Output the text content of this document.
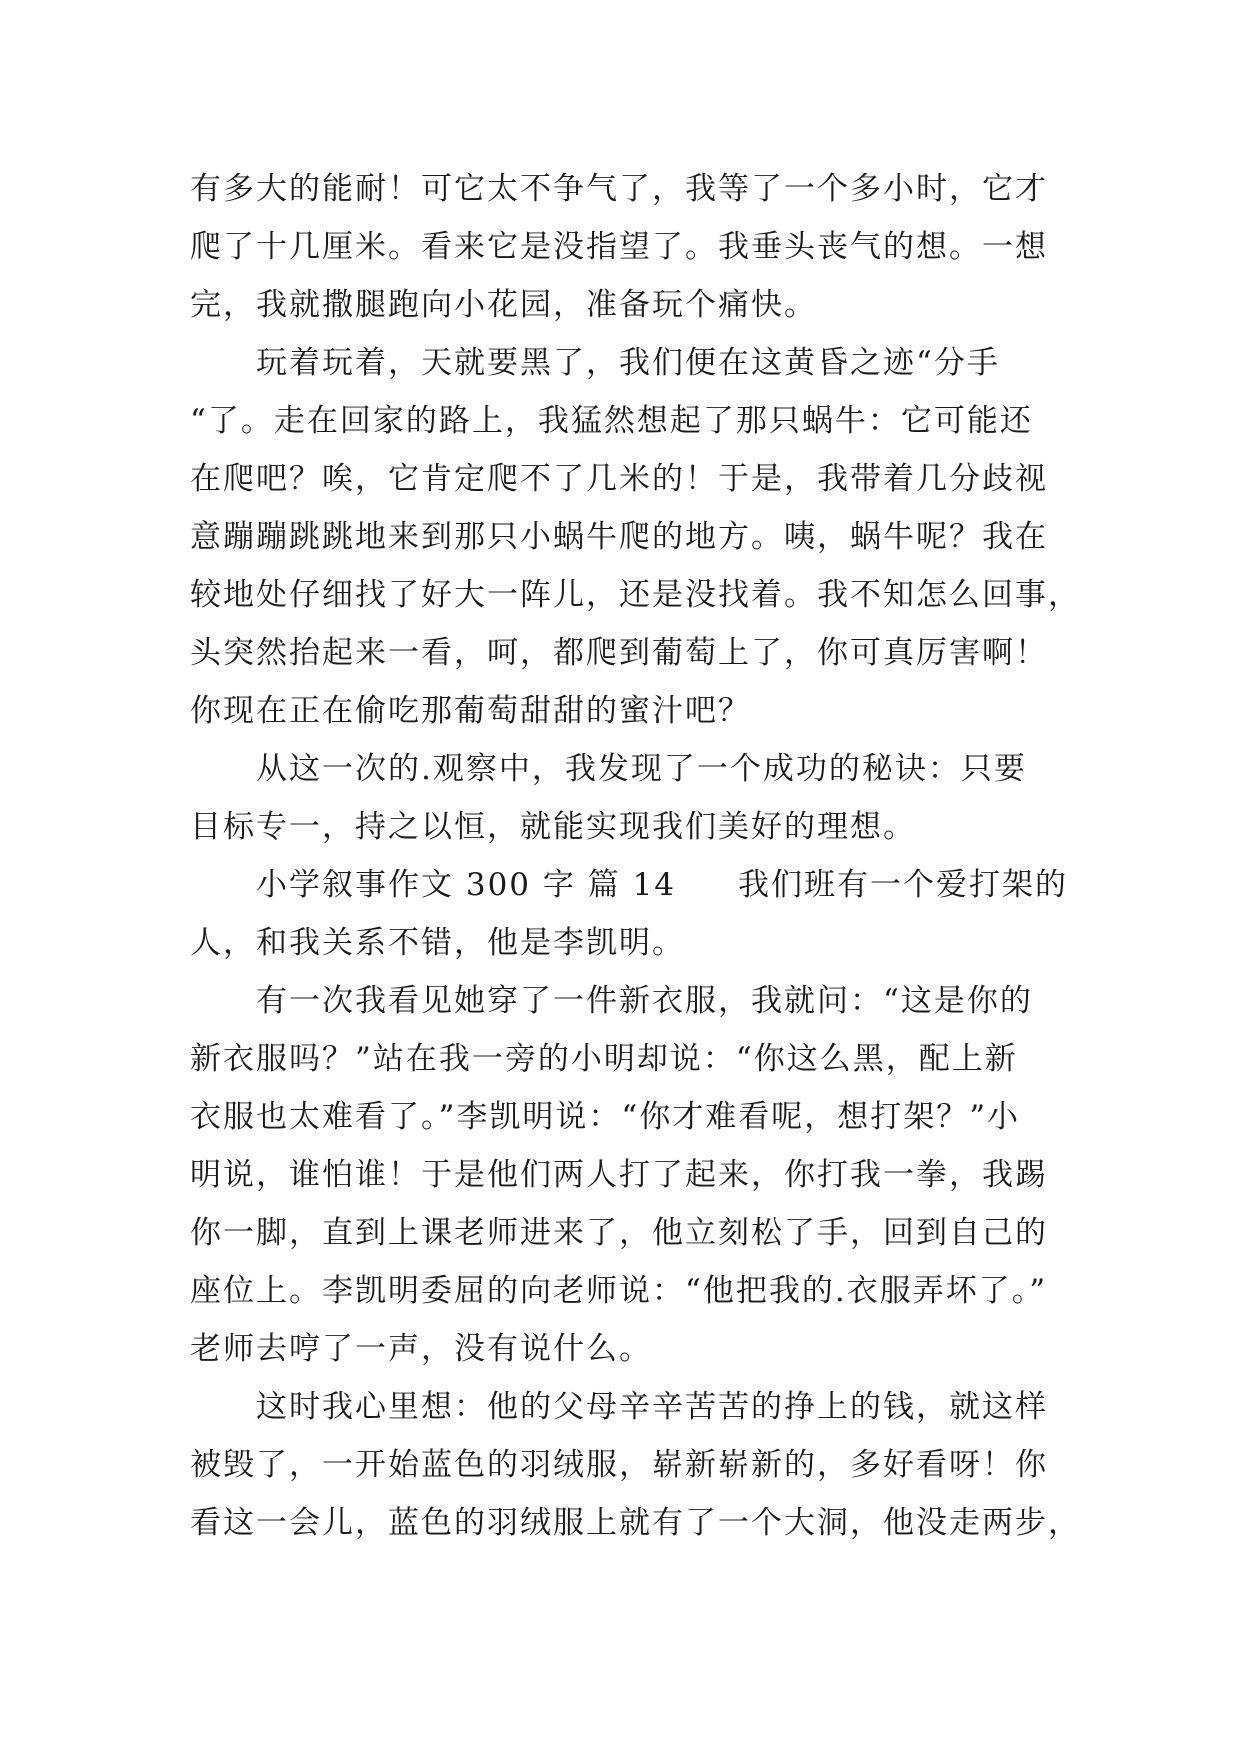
有多大的能耐！可它太不争气了，我等了一个多小时，它才
爬了十几厘米。看来它是没指望了。我垂头丧气的想。一想
完，我就撒腿跑向小花园，准备玩个痛快。
玩着玩着，天就要黑了，我们便在这黄昏之迹“分手
“了。走在回家的路上，我猛然想起了那只蜗牛：它可能还
在爬吧？唉，它肯定爬不了几米的！于是，我带着几分歧视
意蹦蹦跳跳地来到那只小蜗牛爬的地方。咦，蜗牛呢？我在
较地处仔细找了好大一阵儿，还是没找着。我不知怎么回事，
头突然抬起来一看，呵，都爬到葡萄上了，你可真厉害啊！
你现在正在偷吃那葡萄甜甜的蜜汁吧？
从这一次的.观察中，我发现了一个成功的秘诀：只要
目标专一，持之以恒，就能实现我们美好的理想。
小学叙事作文 300 字 篇 14 我们班有一个爱打架的
人，和我关系不错，他是李凯明。
有一次我看见她穿了一件新衣服，我就问：“这是你的
新衣服吗？”站在我一旁的小明却说：“你这么黑，配上新
衣服也太难看了。”李凯明说：“你才难看呢，想打架？”小
明说，谁怕谁！于是他们两人打了起来，你打我一拳，我踢
你一脚，直到上课老师进来了，他立刻松了手，回到自己的
座位上。李凯明委屈的向老师说：“他把我的.衣服弄坏了。”
老师去哼了一声，没有说什么。
这时我心里想：他的父母辛辛苦苦的挣上的钱，就这样
被毁了，一开始蓝色的羽绒服，崭新崭新的，多好看呀！你
看这一会儿，蓝色的羽绒服上就有了一个大洞，他没走两步，
